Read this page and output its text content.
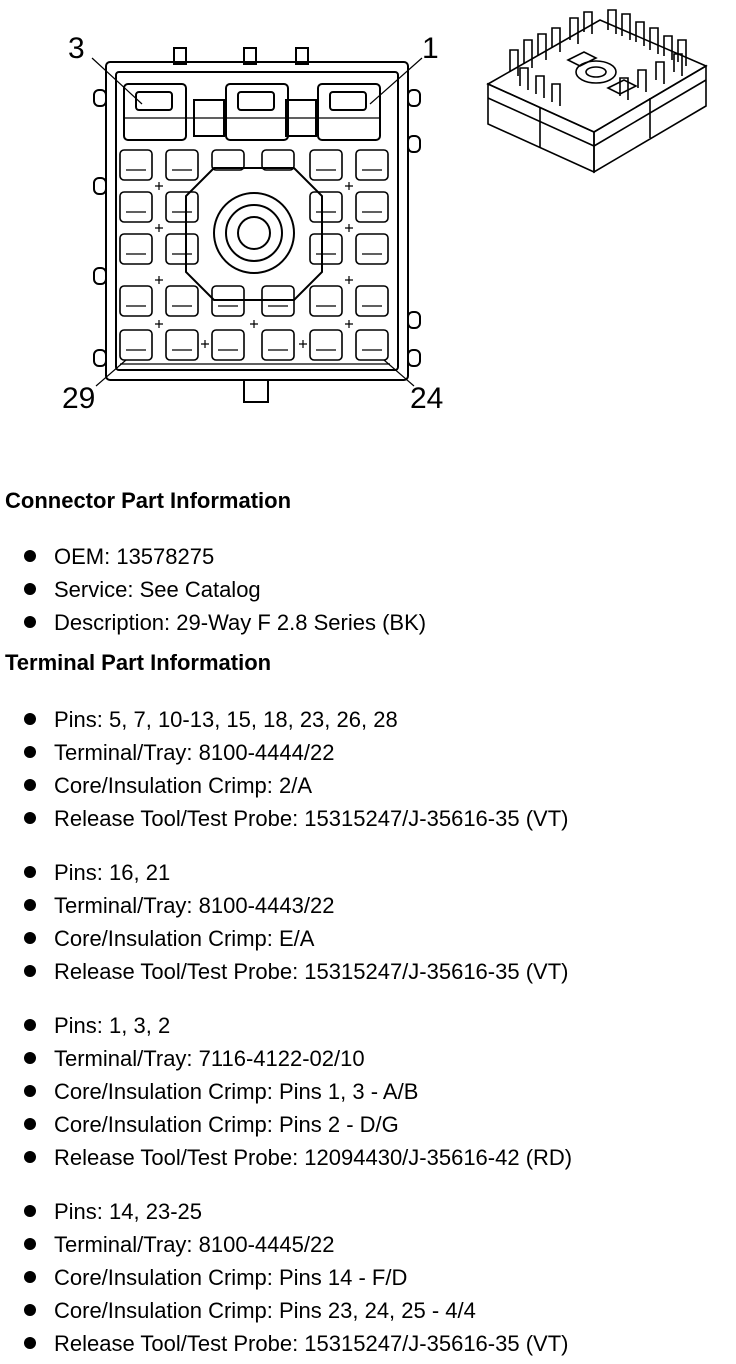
3	1
29	24
Connector Part Information
OEM: 13578275
Service: See Catalog
Description: 29-Way F 2.8 Series (BK)
Terminal Part Information
Pins: 5, 7, 10-13, 15, 18, 23, 26, 28
Terminal/Tray: 8100-4444/22
Core/Insulation Crimp: 2/A
Release Tool/Test Probe: 15315247/J-35616-35 (VT)
Pins: 16, 21
Terminal/Tray: 8100-4443/22
Core/Insulation Crimp: E/A
Release Tool/Test Probe: 15315247/J-35616-35 (VT)
Pins: 1, 3, 2
Terminal/Tray: 7116-4122-02/10
Core/Insulation Crimp: Pins 1, 3 - A/B
Core/Insulation Crimp: Pins 2 - D/G
Release Tool/Test Probe: 12094430/J-35616-42 (RD)
Pins: 14, 23-25
Terminal/Tray: 8100-4445/22
Core/Insulation Crimp: Pins 14 - F/D
Core/Insulation Crimp: Pins 23, 24, 25 - 4/4
Release Tool/Test Probe: 15315247/J-35616-35 (VT)
